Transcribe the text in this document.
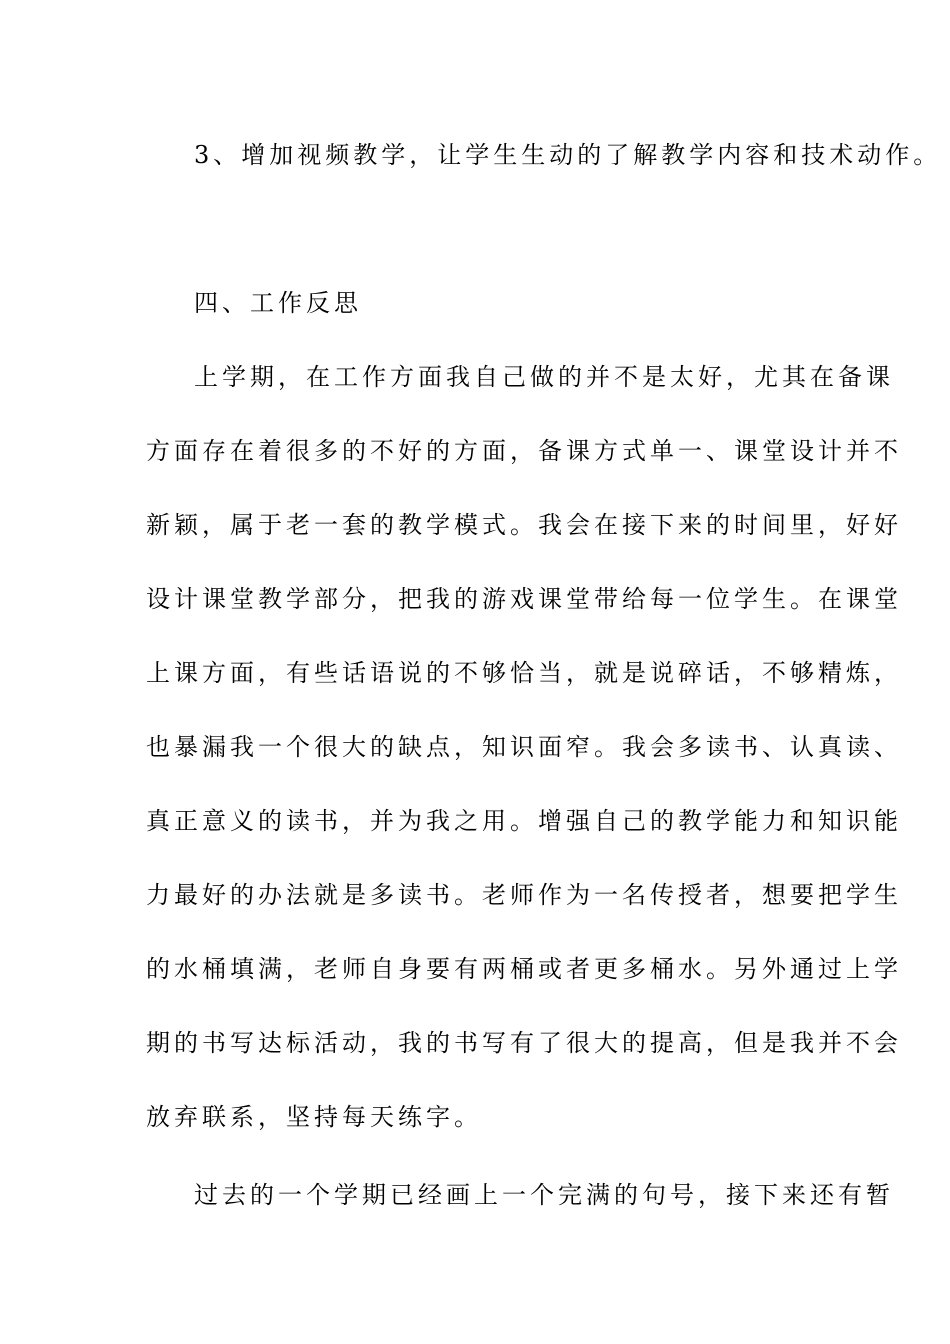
3、增加视频教学，让学生生动的了解教学内容和技术动作。
四、工作反思
上学期，在工作方面我自己做的并不是太好，尤其在备课
方面存在着很多的不好的方面，备课方式单一、课堂设计并不
新颖，属于老一套的教学模式。我会在接下来的时间里，好好
设计课堂教学部分，把我的游戏课堂带给每一位学生。在课堂
上课方面，有些话语说的不够恰当，就是说碎话，不够精炼，
也暴漏我一个很大的缺点，知识面窄。我会多读书、认真读、
真正意义的读书，并为我之用。增强自己的教学能力和知识能
力最好的办法就是多读书。老师作为一名传授者，想要把学生
的水桶填满，老师自身要有两桶或者更多桶水。另外通过上学
期的书写达标活动，我的书写有了很大的提高，但是我并不会
放弃联系，坚持每天练字。
过去的一个学期已经画上一个完满的句号，接下来还有暂
